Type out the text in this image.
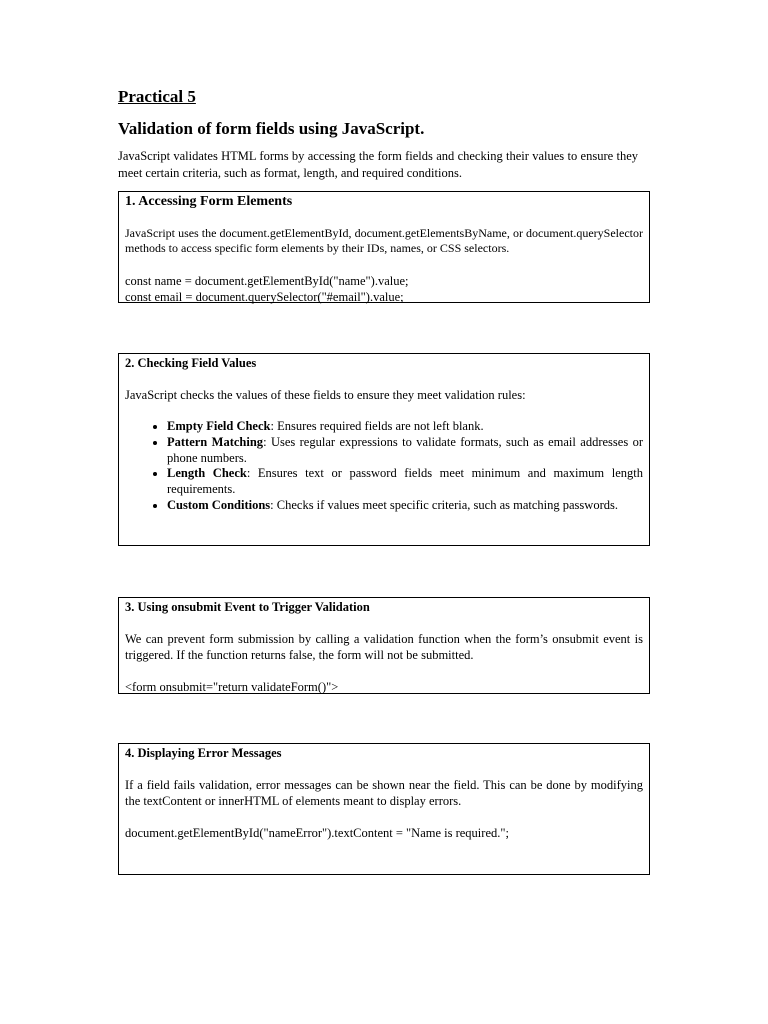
Practical 5
Validation of form fields using JavaScript.
JavaScript validates HTML forms by accessing the form fields and checking their values to ensure they meet certain criteria, such as format, length, and required conditions.
1. Accessing Form Elements

JavaScript uses the document.getElementById, document.getElementsByName, or document.querySelector methods to access specific form elements by their IDs, names, or CSS selectors.

const name = document.getElementById("name").value;
const email = document.querySelector("#email").value;
2. Checking Field Values

JavaScript checks the values of these fields to ensure they meet validation rules:

• Empty Field Check: Ensures required fields are not left blank.
• Pattern Matching: Uses regular expressions to validate formats, such as email addresses or phone numbers.
• Length Check: Ensures text or password fields meet minimum and maximum length requirements.
• Custom Conditions: Checks if values meet specific criteria, such as matching passwords.
3. Using onsubmit Event to Trigger Validation

We can prevent form submission by calling a validation function when the form’s onsubmit event is triggered. If the function returns false, the form will not be submitted.

<form onsubmit="return validateForm()">
4. Displaying Error Messages

If a field fails validation, error messages can be shown near the field. This can be done by modifying the textContent or innerHTML of elements meant to display errors.

document.getElementById("nameError").textContent = "Name is required.";
